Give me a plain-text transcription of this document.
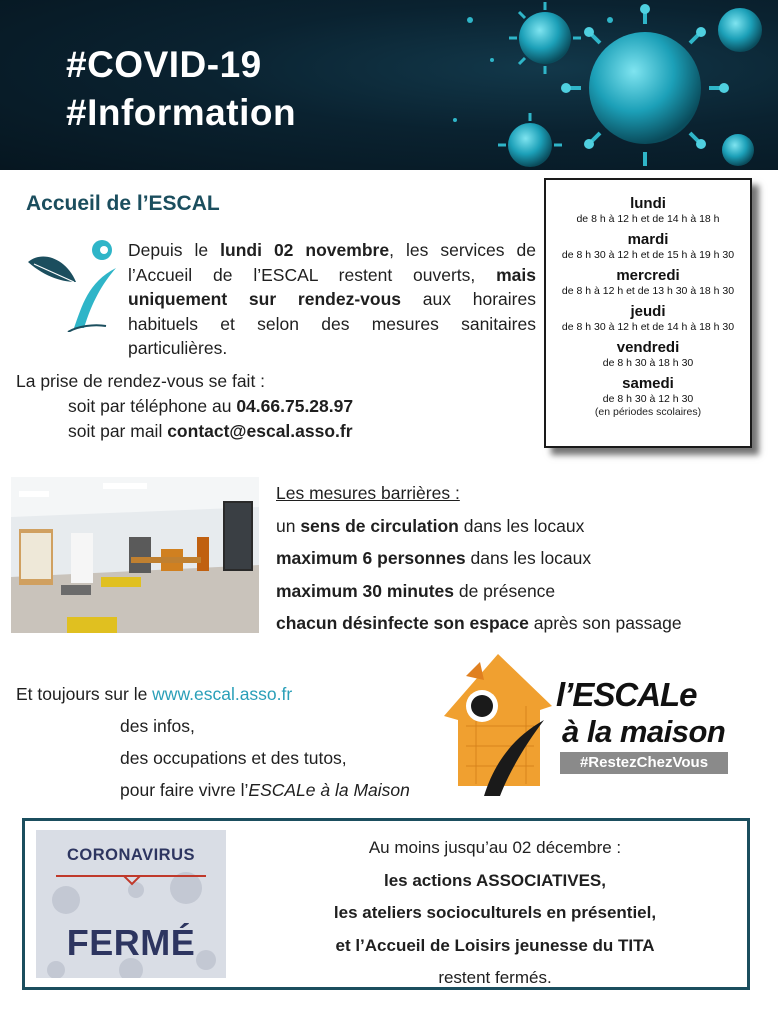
#COVID-19
#Information
Accueil de l’ESCAL
Depuis le lundi 02 novembre, les services de l’Accueil de l’ESCAL restent ouverts, mais uniquement sur rendez-vous aux horaires habituels et selon des mesures sanitaires particulières.
La prise de rendez-vous se fait :
soit par téléphone au 04.66.75.28.97
soit par mail contact@escal.asso.fr
lundi
de 8 h à 12 h et de 14 h à 18 h
mardi
de 8 h 30 à 12 h et de 15 h à 19 h 30
mercredi
de 8 h à 12 h et de 13 h 30 à 18 h 30
jeudi
de 8 h 30 à 12 h et de 14 h à 18 h 30
vendredi
de 8 h 30 à 18 h 30
samedi
de 8 h 30 à 12 h 30
(en périodes scolaires)
Les mesures barrières :
un sens de circulation dans les locaux
maximum 6 personnes dans les locaux
maximum 30 minutes de présence
chacun désinfecte son espace après son passage
Et toujours sur le www.escal.asso.fr
des infos,
des occupations et des tutos,
pour faire vivre l’ESCALe à la Maison
l’ESCALe
à la maison
#RestezChezVous
CORONAVIRUS
FERMÉ
Au moins jusqu’au 02 décembre :
les actions ASSOCIATIVES,
les ateliers socioculturels en présentiel,
et l’Accueil de Loisirs jeunesse du TITA
restent fermés.
